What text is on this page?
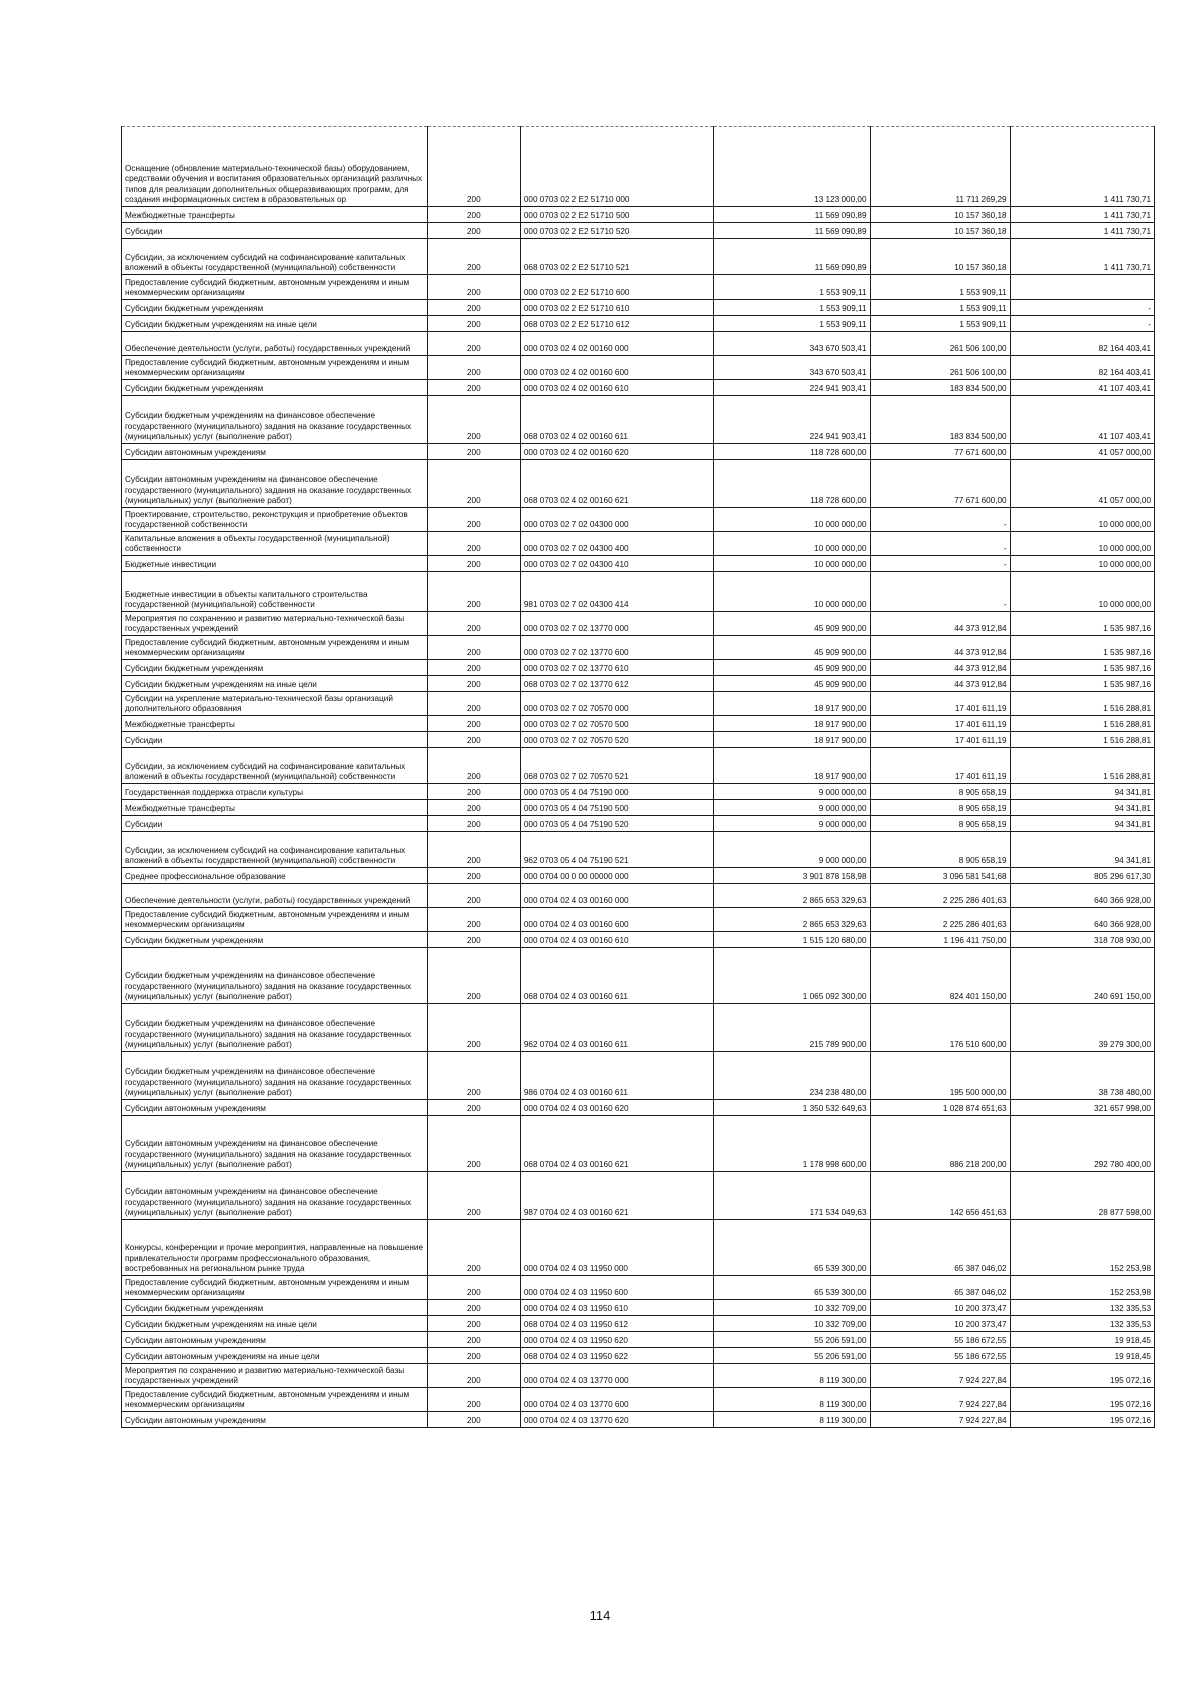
Оснащение (обновление материально-технической базы) оборудованием, средствами обучения и воспитания образовательных организаций различных типов для реализации дополнительных общеразвивающих программ, для создания информационных систем в образовательных ор	200	000 0703 02 2 E2 51710 000	13 123 000,00	11 711 269,29	1 411 730,71
Межбюджетные трансферты	200	000 0703 02 2 E2 51710 500	11 569 090,89	10 157 360,18	1 411 730,71
Субсидии	200	000 0703 02 2 E2 51710 520	11 569 090,89	10 157 360,18	1 411 730,71
Субсидии, за исключением субсидий на софинансирование капитальных вложений в объекты государственной (муниципальной) собственности	200	068 0703 02 2 E2 51710 521	11 569 090,89	10 157 360,18	1 411 730,71
Предоставление субсидий бюджетным, автономным учреждениям и иным некоммерческим организациям	200	000 0703 02 2 E2 51710 600	1 553 909,11	1 553 909,11	
Субсидии бюджетным учреждениям	200	000 0703 02 2 E2 51710 610	1 553 909,11	1 553 909,11	-
Субсидии бюджетным учреждениям на иные цели	200	068 0703 02 2 E2 51710 612	1 553 909,11	1 553 909,11	-
Обеспечение деятельности (услуги, работы) государственных учреждений	200	000 0703 02 4 02 00160 000	343 670 503,41	261 506 100,00	82 164 403,41
Предоставление субсидий бюджетным, автономным учреждениям и иным некоммерческим организациям	200	000 0703 02 4 02 00160 600	343 670 503,41	261 506 100,00	82 164 403,41
Субсидии бюджетным учреждениям	200	000 0703 02 4 02 00160 610	224 941 903,41	183 834 500,00	41 107 403,41
Субсидии бюджетным учреждениям на финансовое обеспечение государственного (муниципального) задания на оказание государственных (муниципальных) услуг (выполнение работ)	200	068 0703 02 4 02 00160 611	224 941 903,41	183 834 500,00	41 107 403,41
Субсидии автономным учреждениям	200	000 0703 02 4 02 00160 620	118 728 600,00	77 671 600,00	41 057 000,00
Субсидии автономным учреждениям на финансовое обеспечение государственного (муниципального) задания на оказание государственных (муниципальных) услуг (выполнение работ)	200	068 0703 02 4 02 00160 621	118 728 600,00	77 671 600,00	41 057 000,00
Проектирование, строительство, реконструкция и приобретение объектов государственной собственности	200	000 0703 02 7 02 04300 000	10 000 000,00	-	10 000 000,00
Капитальные вложения в объекты государственной (муниципальной) собственности	200	000 0703 02 7 02 04300 400	10 000 000,00	-	10 000 000,00
Бюджетные инвестиции	200	000 0703 02 7 02 04300 410	10 000 000,00	-	10 000 000,00
Бюджетные инвестиции в объекты капитального строительства государственной (муниципальной) собственности	200	981 0703 02 7 02 04300 414	10 000 000,00	-	10 000 000,00
Мероприятия по сохранению и развитию материально-технической базы государственных учреждений	200	000 0703 02 7 02 13770 000	45 909 900,00	44 373 912,84	1 535 987,16
Предоставление субсидий бюджетным, автономным учреждениям и иным некоммерческим организациям	200	000 0703 02 7 02 13770 600	45 909 900,00	44 373 912,84	1 535 987,16
Субсидии бюджетным учреждениям	200	000 0703 02 7 02 13770 610	45 909 900,00	44 373 912,84	1 535 987,16
Субсидии бюджетным учреждениям на иные цели	200	068 0703 02 7 02 13770 612	45 909 900,00	44 373 912,84	1 535 987,16
Субсидии на укрепление материально-технической базы организаций дополнительного образования	200	000 0703 02 7 02 70570 000	18 917 900,00	17 401 611,19	1 516 288,81
Межбюджетные трансферты	200	000 0703 02 7 02 70570 500	18 917 900,00	17 401 611,19	1 516 288,81
Субсидии	200	000 0703 02 7 02 70570 520	18 917 900,00	17 401 611,19	1 516 288,81
Субсидии, за исключением субсидий на софинансирование капитальных вложений в объекты государственной (муниципальной) собственности	200	068 0703 02 7 02 70570 521	18 917 900,00	17 401 611,19	1 516 288,81
Государственная поддержка отрасли культуры	200	000 0703 05 4 04 75190 000	9 000 000,00	8 905 658,19	94 341,81
Межбюджетные трансферты	200	000 0703 05 4 04 75190 500	9 000 000,00	8 905 658,19	94 341,81
Субсидии	200	000 0703 05 4 04 75190 520	9 000 000,00	8 905 658,19	94 341,81
Субсидии, за исключением субсидий на софинансирование капитальных вложений в объекты государственной (муниципальной) собственности	200	962 0703 05 4 04 75190 521	9 000 000,00	8 905 658,19	94 341,81
Среднее профессиональное образование	200	000 0704 00 0 00 00000 000	3 901 878 158,98	3 096 581 541,68	805 296 617,30
Обеспечение деятельности (услуги, работы) государственных учреждений	200	000 0704 02 4 03 00160 000	2 865 653 329,63	2 225 286 401,63	640 366 928,00
Предоставление субсидий бюджетным, автономным учреждениям и иным некоммерческим организациям	200	000 0704 02 4 03 00160 600	2 865 653 329,63	2 225 286 401,63	640 366 928,00
Субсидии бюджетным учреждениям	200	000 0704 02 4 03 00160 610	1 515 120 680,00	1 196 411 750,00	318 708 930,00
Субсидии бюджетным учреждениям на финансовое обеспечение государственного (муниципального) задания на оказание государственных (муниципальных) услуг (выполнение работ)	200	068 0704 02 4 03 00160 611	1 065 092 300,00	824 401 150,00	240 691 150,00
Субсидии бюджетным учреждениям на финансовое обеспечение государственного (муниципального) задания на оказание государственных (муниципальных) услуг (выполнение работ)	200	962 0704 02 4 03 00160 611	215 789 900,00	176 510 600,00	39 279 300,00
Субсидии бюджетным учреждениям на финансовое обеспечение государственного (муниципального) задания на оказание государственных (муниципальных) услуг (выполнение работ)	200	986 0704 02 4 03 00160 611	234 238 480,00	195 500 000,00	38 738 480,00
Субсидии автономным учреждениям	200	000 0704 02 4 03 00160 620	1 350 532 649,63	1 028 874 651,63	321 657 998,00
Субсидии автономным учреждениям на финансовое обеспечение государственного (муниципального) задания на оказание государственных (муниципальных) услуг (выполнение работ)	200	068 0704 02 4 03 00160 621	1 178 998 600,00	886 218 200,00	292 780 400,00
Субсидии автономным учреждениям на финансовое обеспечение государственного (муниципального) задания на оказание государственных (муниципальных) услуг (выполнение работ)	200	987 0704 02 4 03 00160 621	171 534 049,63	142 656 451,63	28 877 598,00
Конкурсы, конференции и прочие мероприятия, направленные на повышение привлекательности программ профессионального образования, востребованных на региональном рынке труда	200	000 0704 02 4 03 11950 000	65 539 300,00	65 387 046,02	152 253,98
Предоставление субсидий бюджетным, автономным учреждениям и иным некоммерческим организациям	200	000 0704 02 4 03 11950 600	65 539 300,00	65 387 046,02	152 253,98
Субсидии бюджетным учреждениям	200	000 0704 02 4 03 11950 610	10 332 709,00	10 200 373,47	132 335,53
Субсидии бюджетным учреждениям на иные цели	200	068 0704 02 4 03 11950 612	10 332 709,00	10 200 373,47	132 335,53
Субсидии автономным учреждениям	200	000 0704 02 4 03 11950 620	55 206 591,00	55 186 672,55	19 918,45
Субсидии автономным учреждениям на иные цели	200	068 0704 02 4 03 11950 622	55 206 591,00	55 186 672,55	19 918,45
Мероприятия по сохранению и развитию материально-технической базы государственных учреждений	200	000 0704 02 4 03 13770 000	8 119 300,00	7 924 227,84	195 072,16
Предоставление субсидий бюджетным, автономным учреждениям и иным некоммерческим организациям	200	000 0704 02 4 03 13770 600	8 119 300,00	7 924 227,84	195 072,16
Субсидии автономным учреждениям	200	000 0704 02 4 03 13770 620	8 119 300,00	7 924 227,84	195 072,16
114
